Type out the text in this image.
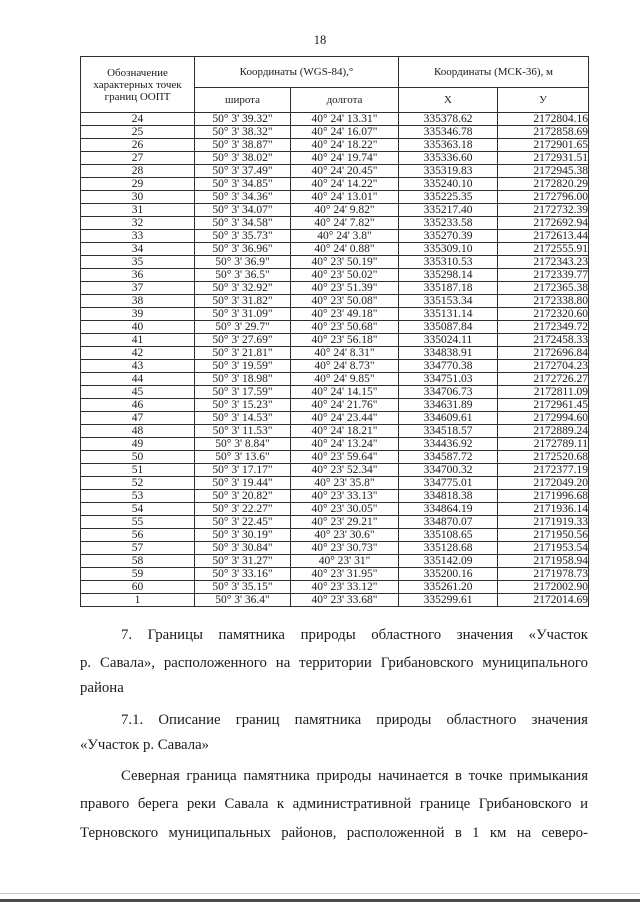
18
Обозначение
характерных точек
границ ООПТ	Координаты (WGS-84),°		Координаты (МСК-36), м	
	широта	долгота	X	У
24	50° 3' 39.32"	40° 24' 13.31"	335378.62	2172804.16
25	50° 3' 38.32"	40° 24' 16.07"	335346.78	2172858.69
26	50° 3' 38.87"	40° 24' 18.22"	335363.18	2172901.65
27	50° 3' 38.02"	40° 24' 19.74"	335336.60	2172931.51
28	50° 3' 37.49"	40° 24' 20.45"	335319.83	2172945.38
29	50° 3' 34.85"	40° 24' 14.22"	335240.10	2172820.29
30	50° 3' 34.36"	40° 24' 13.01"	335225.35	2172796.00
31	50° 3' 34.07"	40° 24' 9.82"	335217.40	2172732.39
32	50° 3' 34.58"	40° 24' 7.82"	335233.58	2172692.94
33	50° 3' 35.73"	40° 24' 3.8"	335270.39	2172613.44
34	50° 3' 36.96"	40° 24' 0.88"	335309.10	2172555.91
35	50° 3' 36.9"	40° 23' 50.19"	335310.53	2172343.23
36	50° 3' 36.5"	40° 23' 50.02"	335298.14	2172339.77
37	50° 3' 32.92"	40° 23' 51.39"	335187.18	2172365.38
38	50° 3' 31.82"	40° 23' 50.08"	335153.34	2172338.80
39	50° 3' 31.09"	40° 23' 49.18"	335131.14	2172320.60
40	50° 3' 29.7"	40° 23' 50.68"	335087.84	2172349.72
41	50° 3' 27.69"	40° 23' 56.18"	335024.11	2172458.33
42	50° 3' 21.81"	40° 24' 8.31"	334838.91	2172696.84
43	50° 3' 19.59"	40° 24' 8.73"	334770.38	2172704.23
44	50° 3' 18.98"	40° 24' 9.85"	334751.03	2172726.27
45	50° 3' 17.59"	40° 24' 14.15"	334706.73	2172811.09
46	50° 3' 15.23"	40° 24' 21.76"	334631.89	2172961.45
47	50° 3' 14.53"	40° 24' 23.44"	334609.61	2172994.60
48	50° 3' 11.53"	40° 24' 18.21"	334518.57	2172889.24
49	50° 3' 8.84"	40° 24' 13.24"	334436.92	2172789.11
50	50° 3' 13.6"	40° 23' 59.64"	334587.72	2172520.68
51	50° 3' 17.17"	40° 23' 52.34"	334700.32	2172377.19
52	50° 3' 19.44"	40° 23' 35.8"	334775.01	2172049.20
53	50° 3' 20.82"	40° 23' 33.13"	334818.38	2171996.68
54	50° 3' 22.27"	40° 23' 30.05"	334864.19	2171936.14
55	50° 3' 22.45"	40° 23' 29.21"	334870.07	2171919.33
56	50° 3' 30.19"	40° 23' 30.6"	335108.65	2171950.56
57	50° 3' 30.84"	40° 23' 30.73"	335128.68	2171953.54
58	50° 3' 31.27"	40° 23' 31"	335142.09	2171958.94
59	50° 3' 33.16"	40° 23' 31.95"	335200.16	2171978.73
60	50° 3' 35.15"	40° 23' 33.12"	335261.20	2172002.90
1	50° 3' 36.4"	40° 23' 33.68"	335299.61	2172014.69
7. Границы памятника природы областного значения «Участок
р. Савала», расположенного на территории Грибановского муниципального
района
7.1. Описание границ памятника природы областного значения
«Участок р. Савала»
Северная граница памятника природы начинается в точке примыкания
правого берега реки Савала к административной границе Грибановского и
Терновского муниципальных районов, расположенной в 1 км на северо-
